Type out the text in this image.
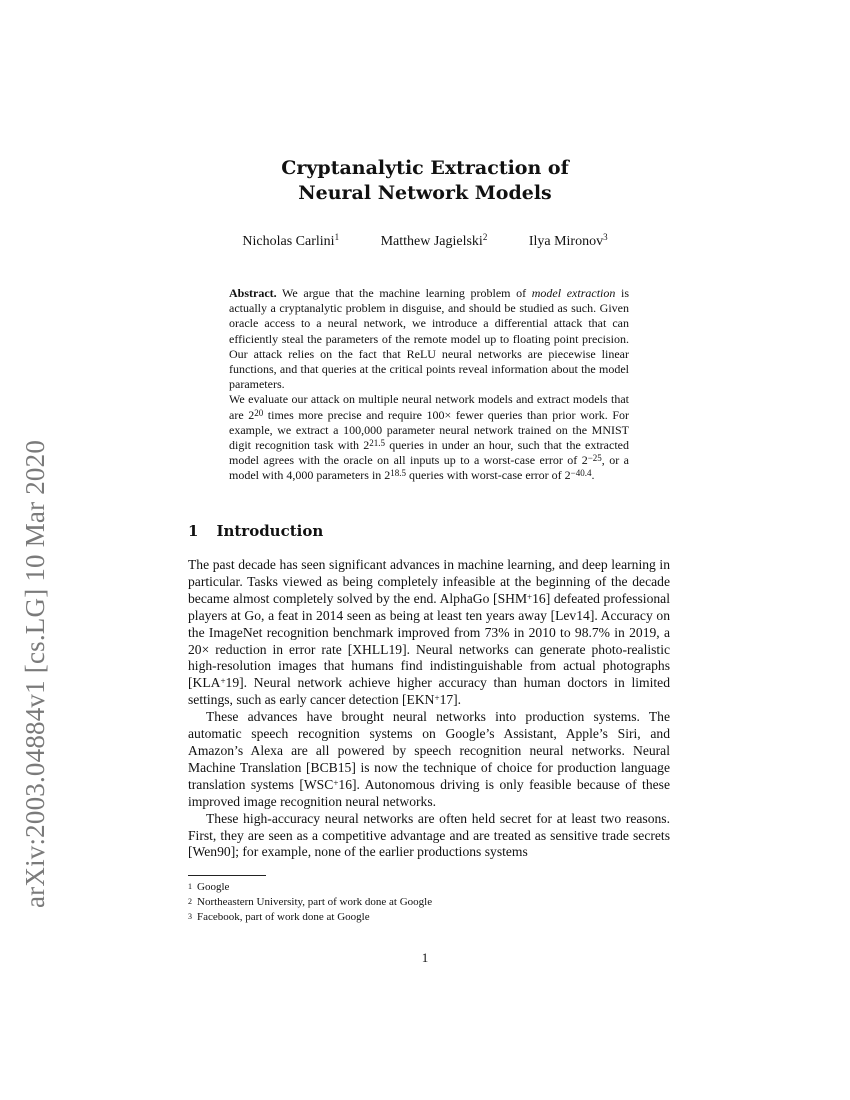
arXiv:2003.04884v1 [cs.LG] 10 Mar 2020
Cryptanalytic Extraction of
Neural Network Models
Nicholas Carlini$^1$	Matthew Jagielski$^2$	Ilya Mironov$^3$

Abstract. We argue that the machine learning problem of model extraction is actually a cryptanalytic problem in disguise, and should be studied as such. Given oracle access to a neural network, we introduce a differential attack that can efficiently steal the parameters of the remote model up to floating point precision. Our attack relies on the fact that ReLU neural networks are piecewise linear functions, and that queries at the critical points reveal information about the model parameters.

We evaluate our attack on multiple neural network models and extract models that are $2^{20}$ times more precise and require 100× fewer queries than prior work. For example, we extract a 100,000 parameter neural network trained on the MNIST digit recognition task with $2^{21.5}$ queries in under an hour, such that the extracted model agrees with the oracle on all inputs up to a worst-case error of $2^{-25}$, or a model with 4,000 parameters in $2^{18.5}$ queries with worst-case error of $2^{-40.4}$.

1 Introduction

The past decade has seen significant advances in machine learning, and deep learning in particular. Tasks viewed as being completely infeasible at the beginning of the decade became almost completely solved by the end. AlphaGo [SHM+16] defeated professional players at Go, a feat in 2014 seen as being at least ten years away [Lev14]. Accuracy on the ImageNet recognition benchmark improved from 73% in 2010 to 98.7% in 2019, a 20× reduction in error rate [XHLL19]. Neural networks can generate photo-realistic high-resolution images that humans find indistinguishable from actual photographs [KLA+19]. Neural network achieve higher accuracy than human doctors in limited settings, such as early cancer detection [EKN+17].

These advances have brought neural networks into production systems. The automatic speech recognition systems on Google’s Assistant, Apple’s Siri, and Amazon’s Alexa are all powered by speech recognition neural networks. Neural Machine Translation [BCB15] is now the technique of choice for production language translation systems [WSC+16]. Autonomous driving is only feasible because of these improved image recognition neural networks.

These high-accuracy neural networks are often held secret for at least two reasons. First, they are seen as a competitive advantage and are treated as sensitive trade secrets [Wen90]; for example, none of the earlier productions systems

$^1$ Google
$^2$ Northeastern University, part of work done at Google
$^3$ Facebook, part of work done at Google
1
